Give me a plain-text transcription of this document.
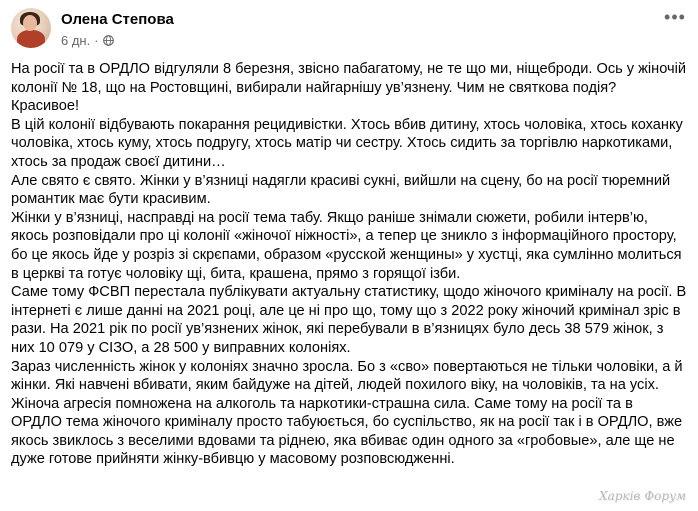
Олена Степова
6 дн. ·
•••

На росії та в ОРДЛО відгуляли 8 березня, звісно пабагатому, не те що ми, ніщеброди. Ось у жіночій колонії № 18, що на Ростовщині, вибирали найгарнішу ув’язнену. Чим не святкова подія? Красивое!

В цій колонії відбувають покарання рецидивістки. Хтось вбив дитину, хтось чоловіка, хтось коханку чоловіка, хтось куму, хтось подругу, хтось матір чи сестру. Хтось сидить за торгівлю наркотиками, хтось за продаж своєї дитини…

Але свято є свято. Жінки у в’язниці надягли красиві сукні, вийшли на сцену, бо на росії тюремний романтик має бути красивим.

Жінки у в’язниці, насправді на росії тема табу. Якщо раніше знімали сюжети, робили інтерв’ю, якось розповідали про ці колонії «жіночої ніжності», а тепер це зникло з інформаційного простору, бо це якось йде у розріз зі скрєпами, образом «русской женщины» у хустці, яка сумлінно молиться в церкві та готує чоловіку щі, бита, крашена, прямо з горящої ізби.

Саме тому ФСВП перестала публікувати актуальну статистику, щодо жіночого криміналу на росії. В інтернеті є лише данні на 2021 році, але це ні про що, тому що з 2022 року жіночий кримінал зріс в рази. На 2021 рік по росії ув’язнених жінок, які перебували в в’язницях було десь 38 579 жінок, з них 10 079 у СІЗО, а 28 500 у виправних колоніях.

Зараз численність жінок у колоніях значно зросла. Бо з «сво» повертаються не тільки чоловіки, а й жінки. Які навчені вбивати, яким байдуже на дітей, людей похилого віку, на чоловіків, та на усіх. Жіноча агресія помножена на алкоголь та наркотики-страшна сила. Саме тому на росії та в ОРДЛО тема жіночого криміналу просто табуюється, бо суспільство, як на росії так і в ОРДЛО, вже якось звиклось з веселими вдовами та ріднею, яка вбиває один одного за «гробовые», але ще не дуже готове прийняти жінку-вбивцю у масовому розповсюдженні.

Харків Форум
